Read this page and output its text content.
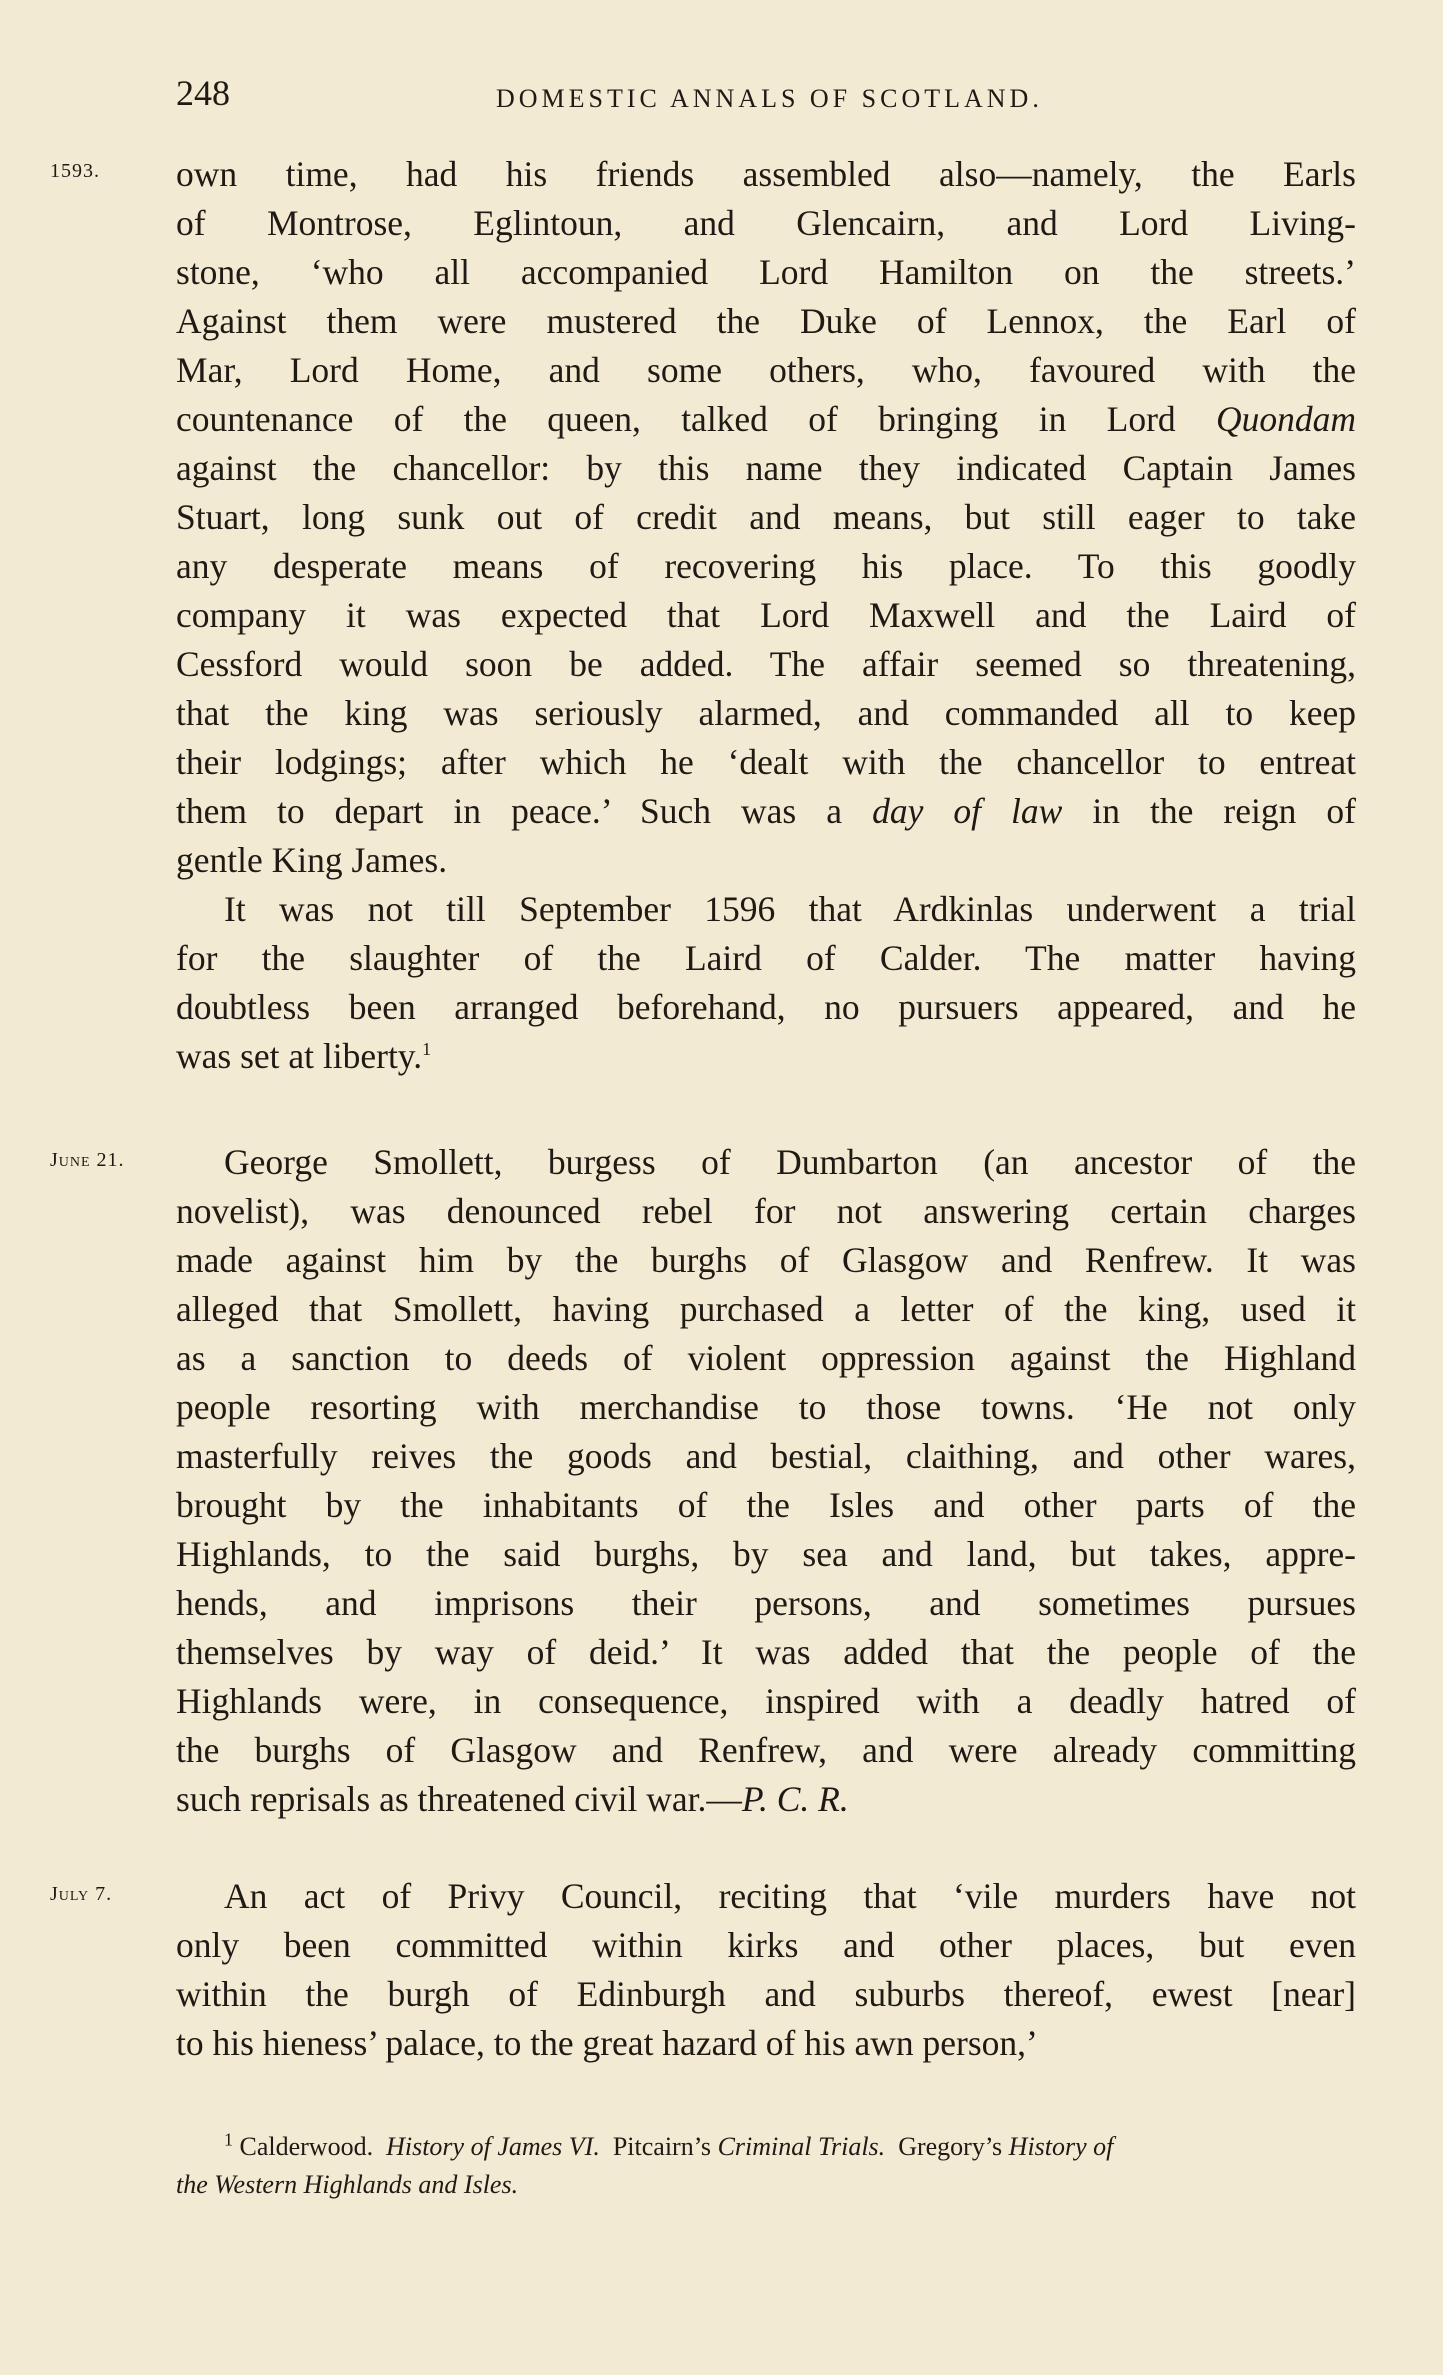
248	DOMESTIC ANNALS OF SCOTLAND.
1593.
June 21.
July 7.
own time, had his friends assembled also—namely, the Earls
of Montrose, Eglintoun, and Glencairn, and Lord Living-
stone, ‘who all accompanied Lord Hamilton on the streets.’
Against them were mustered the Duke of Lennox, the Earl of
Mar, Lord Home, and some others, who, favoured with the
countenance of the queen, talked of bringing in Lord Quondam
against the chancellor: by this name they indicated Captain James
Stuart, long sunk out of credit and means, but still eager to take
any desperate means of recovering his place. To this goodly
company it was expected that Lord Maxwell and the Laird of
Cessford would soon be added. The affair seemed so threatening,
that the king was seriously alarmed, and commanded all to keep
their lodgings; after which he ‘dealt with the chancellor to entreat
them to depart in peace.’ Such was a day of law in the reign of
gentle King James.
It was not till September 1596 that Ardkinlas underwent a trial
for the slaughter of the Laird of Calder. The matter having
doubtless been arranged beforehand, no pursuers appeared, and he
was set at liberty.$^1$
George Smollett, burgess of Dumbarton (an ancestor of the
novelist), was denounced rebel for not answering certain charges
made against him by the burghs of Glasgow and Renfrew. It was
alleged that Smollett, having purchased a letter of the king, used it
as a sanction to deeds of violent oppression against the Highland
people resorting with merchandise to those towns. ‘He not only
masterfully reives the goods and bestial, claithing, and other wares,
brought by the inhabitants of the Isles and other parts of the
Highlands, to the said burghs, by sea and land, but takes, appre-
hends, and imprisons their persons, and sometimes pursues
themselves by way of deid.’ It was added that the people of the
Highlands were, in consequence, inspired with a deadly hatred of
the burghs of Glasgow and Renfrew, and were already committing
such reprisals as threatened civil war.—P. C. R.
An act of Privy Council, reciting that ‘vile murders have not
only been committed within kirks and other places, but even
within the burgh of Edinburgh and suburbs thereof, ewest [near]
to his hieness’ palace, to the great hazard of his awn person,’
$^1$ Calderwood. History of James VI. Pitcairn’s Criminal Trials. Gregory’s History of
the Western Highlands and Isles.
